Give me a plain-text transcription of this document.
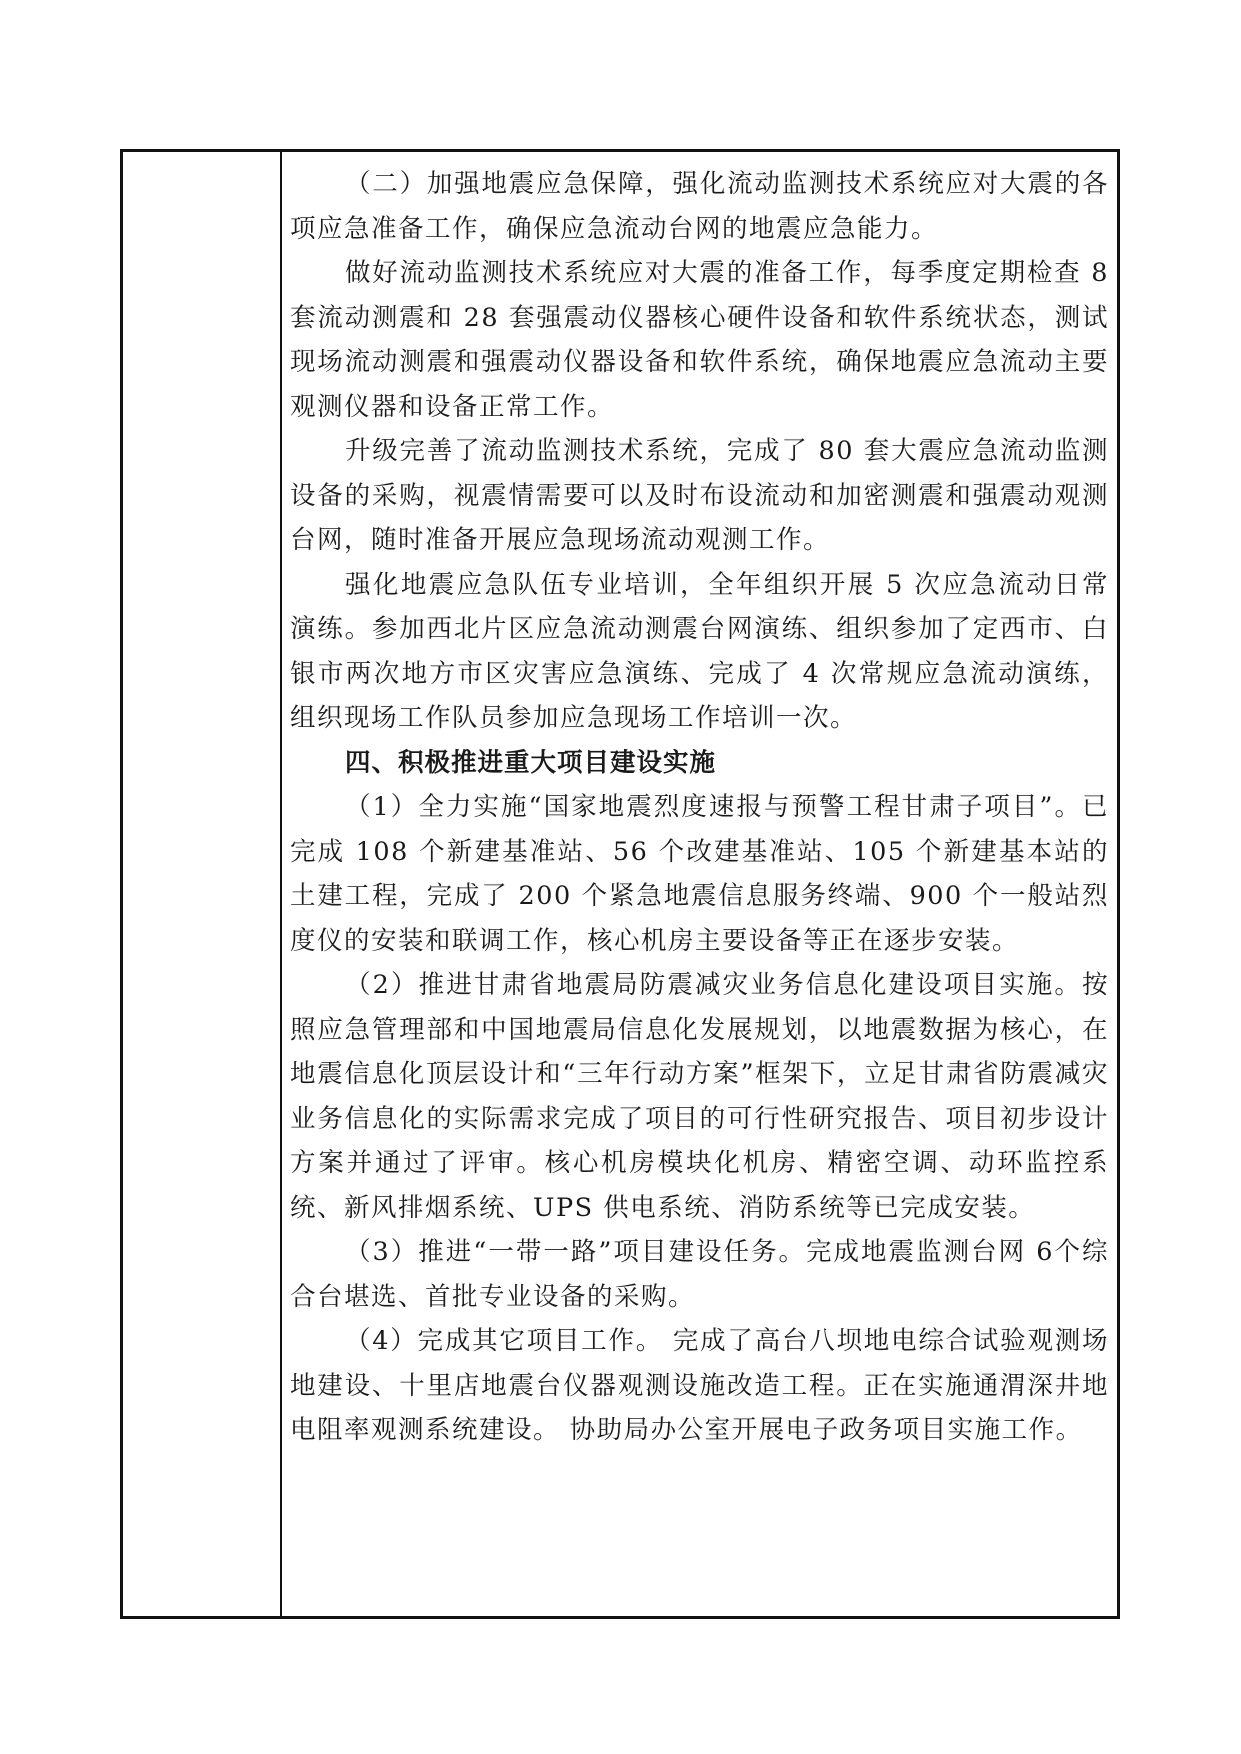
（二）加强地震应急保障，强化流动监测技术系统应对大震的各项应急准备工作，确保应急流动台网的地震应急能力。

做好流动监测技术系统应对大震的准备工作，每季度定期检查 8 套流动测震和 28 套强震动仪器核心硬件设备和软件系统状态，测试现场流动测震和强震动仪器设备和软件系统，确保地震应急流动主要观测仪器和设备正常工作。

升级完善了流动监测技术系统，完成了 80 套大震应急流动监测设备的采购，视震情需要可以及时布设流动和加密测震和强震动观测台网，随时准备开展应急现场流动观测工作。

强化地震应急队伍专业培训，全年组织开展 5 次应急流动日常演练。参加西北片区应急流动测震台网演练、组织参加了定西市、白银市两次地方市区灾害应急演练、完成了 4 次常规应急流动演练，组织现场工作队员参加应急现场工作培训一次。

四、积极推进重大项目建设实施

（1）全力实施“国家地震烈度速报与预警工程甘肃子项目”。已完成 108 个新建基准站、56 个改建基准站、105 个新建基本站的土建工程，完成了 200 个紧急地震信息服务终端、900 个一般站烈度仪的安装和联调工作，核心机房主要设备等正在逐步安装。

（2）推进甘肃省地震局防震减灾业务信息化建设项目实施。按照应急管理部和中国地震局信息化发展规划，以地震数据为核心，在地震信息化顶层设计和“三年行动方案”框架下，立足甘肃省防震减灾业务信息化的实际需求完成了项目的可行性研究报告、项目初步设计方案并通过了评审。核心机房模块化机房、精密空调、动环监控系统、新风排烟系统、UPS 供电系统、消防系统等已完成安装。

（3）推进“一带一路”项目建设任务。完成地震监测台网 6个综合台堪选、首批专业设备的采购。

（4）完成其它项目工作。 完成了高台八坝地电综合试验观测场地建设、十里店地震台仪器观测设施改造工程。正在实施通渭深井地电阻率观测系统建设。 协助局办公室开展电子政务项目实施工作。
